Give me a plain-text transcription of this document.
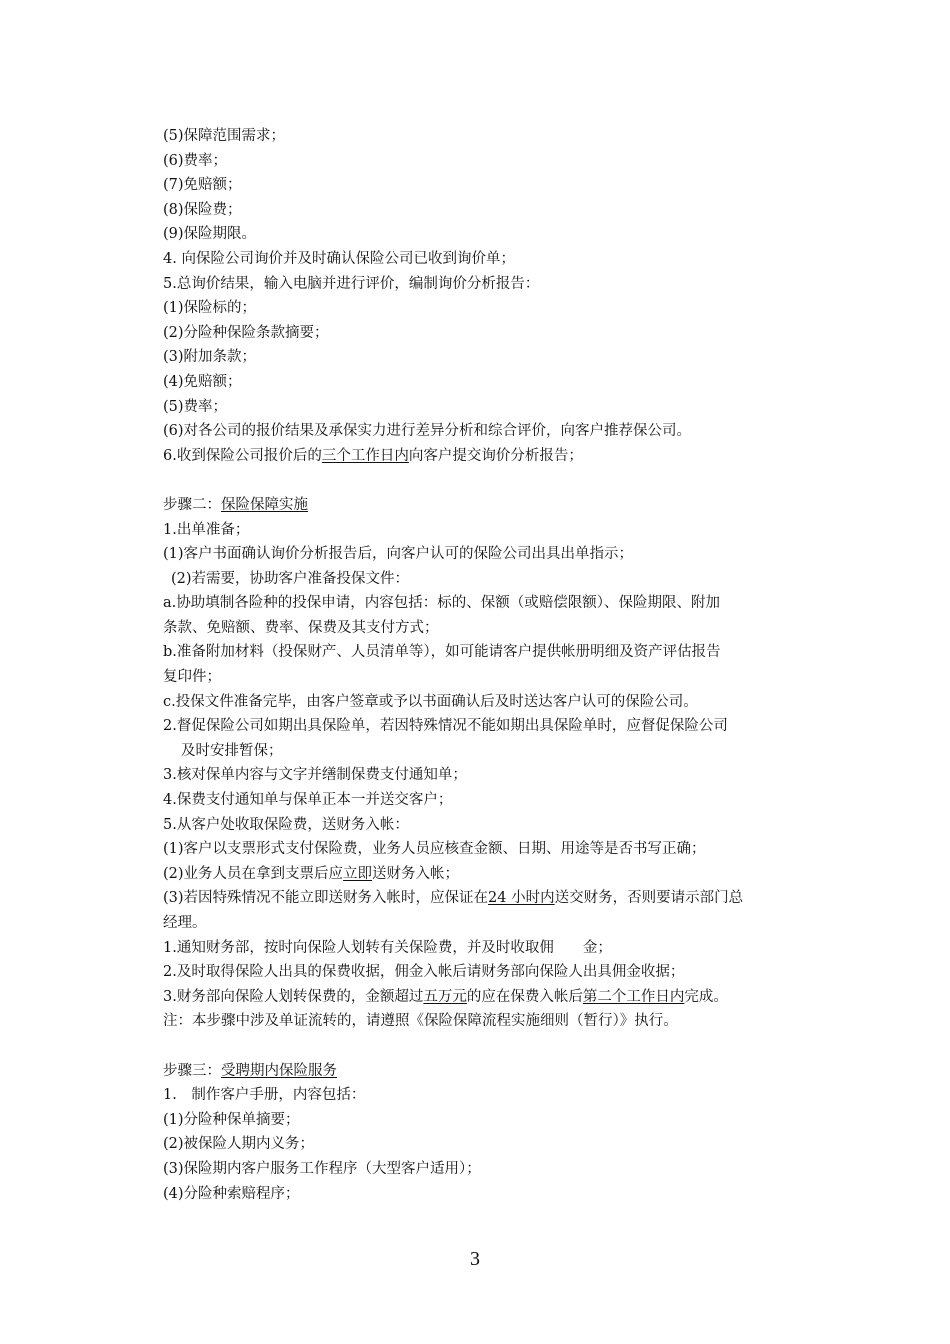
(5)保障范围需求；
(6)费率；
(7)免赔额；
(8)保险费；
(9)保险期限。
4. 向保险公司询价并及时确认保险公司已收到询价单；
5.总询价结果，输入电脑并进行评价，编制询价分析报告：
(1)保险标的；
(2)分险种保险条款摘要；
(3)附加条款；
(4)免赔额；
(5)费率；
(6)对各公司的报价结果及承保实力进行差异分析和综合评价，向客户推荐保公司。
6.收到保险公司报价后的三个工作日内向客户提交询价分析报告；
步骤二：保险保障实施
1.出单准备；
(1)客户书面确认询价分析报告后，向客户认可的保险公司出具出单指示；
(2)若需要，协助客户准备投保文件：
a.协助填制各险种的投保申请，内容包括：标的、保额（或赔偿限额）、保险期限、附加
条款、免赔额、费率、保费及其支付方式；
b.准备附加材料（投保财产、人员清单等），如可能请客户提供帐册明细及资产评估报告
复印件；
c.投保文件准备完毕，由客户签章或予以书面确认后及时送达客户认可的保险公司。
2.督促保险公司如期出具保险单，若因特殊情况不能如期出具保险单时，应督促保险公司
及时安排暂保；
3.核对保单内容与文字并缮制保费支付通知单；
4.保费支付通知单与保单正本一并送交客户；
5.从客户处收取保险费，送财务入帐：
(1)客户以支票形式支付保险费，业务人员应核查金额、日期、用途等是否书写正确；
(2)业务人员在拿到支票后应立即送财务入帐；
(3)若因特殊情况不能立即送财务入帐时，应保证在24 小时内送交财务，否则要请示部门总
经理。
1.通知财务部，按时向保险人划转有关保险费，并及时收取佣　　金；
2.及时取得保险人出具的保费收据，佣金入帐后请财务部向保险人出具佣金收据；
3.财务部向保险人划转保费的，金额超过五万元的应在保费入帐后第二个工作日内完成。
注：本步骤中涉及单证流转的，请遵照《保险保障流程实施细则（暂行）》执行。
步骤三：受聘期内保险服务
1.　制作客户手册，内容包括：
(1)分险种保单摘要；
(2)被保险人期内义务；
(3)保险期内客户服务工作程序（大型客户适用）；
(4)分险种索赔程序；
3
